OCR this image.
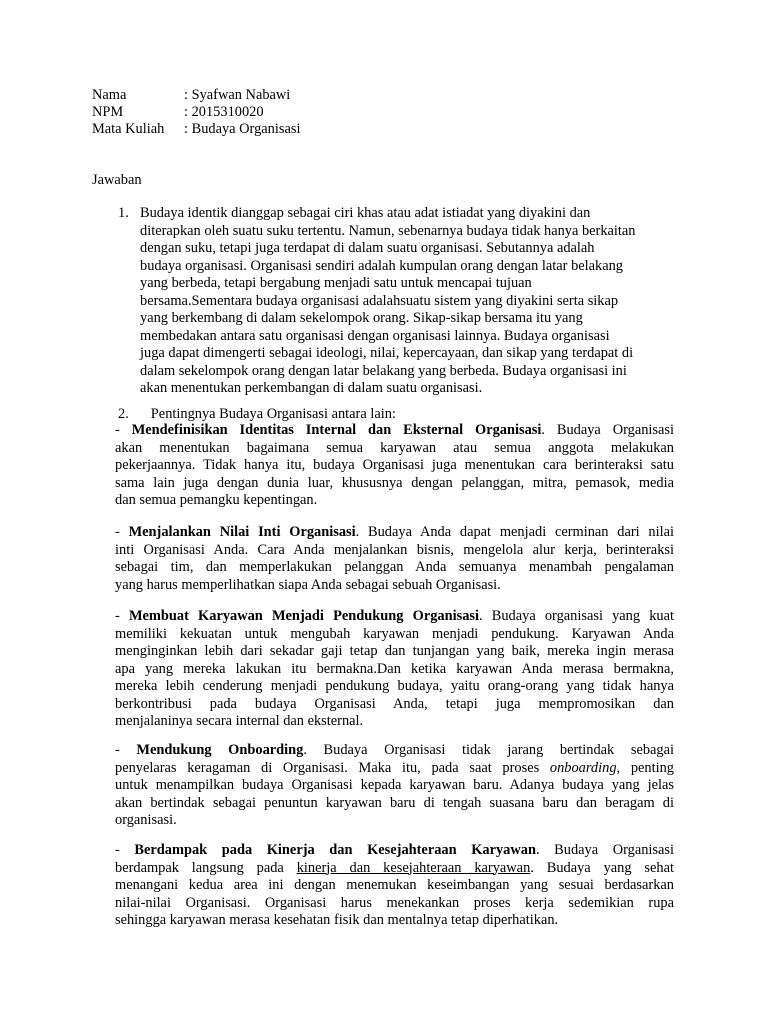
Nama	: Syafwan Nabawi
NPM	: 2015310020
Mata Kuliah : Budaya Organisasi
Jawaban
1. Budaya identik dianggap sebagai ciri khas atau adat istiadat yang diyakini dan
diterapkan oleh suatu suku tertentu. Namun, sebenarnya budaya tidak hanya berkaitan
dengan suku, tetapi juga terdapat di dalam suatu organisasi. Sebutannya adalah
budaya organisasi. Organisasi sendiri adalah kumpulan orang dengan latar belakang
yang berbeda, tetapi bergabung menjadi satu untuk mencapai tujuan
bersama.Sementara budaya organisasi adalahsuatu sistem yang diyakini serta sikap
yang berkembang di dalam sekelompok orang. Sikap-sikap bersama itu yang
membedakan antara satu organisasi dengan organisasi lainnya. Budaya organisasi
juga dapat dimengerti sebagai ideologi, nilai, kepercayaan, dan sikap yang terdapat di
dalam sekelompok orang dengan latar belakang yang berbeda. Budaya organisasi ini
akan menentukan perkembangan di dalam suatu organisasi.
2. Pentingnya Budaya Organisasi antara lain:
- Mendefinisikan Identitas Internal dan Eksternal Organisasi. Budaya Organisasi
akan menentukan bagaimana semua karyawan atau semua anggota melakukan
pekerjaannya. Tidak hanya itu, budaya Organisasi juga menentukan cara berinteraksi satu
sama lain juga dengan dunia luar, khususnya dengan pelanggan, mitra, pemasok, media
dan semua pemangku kepentingan.
- Menjalankan Nilai Inti Organisasi. Budaya Anda dapat menjadi cerminan dari nilai
inti Organisasi Anda. Cara Anda menjalankan bisnis, mengelola alur kerja, berinteraksi
sebagai tim, dan memperlakukan pelanggan Anda semuanya menambah pengalaman
yang harus memperlihatkan siapa Anda sebagai sebuah Organisasi.
- Membuat Karyawan Menjadi Pendukung Organisasi. Budaya organisasi yang kuat
memiliki kekuatan untuk mengubah karyawan menjadi pendukung. Karyawan Anda
menginginkan lebih dari sekadar gaji tetap dan tunjangan yang baik, mereka ingin merasa
apa yang mereka lakukan itu bermakna.Dan ketika karyawan Anda merasa bermakna,
mereka lebih cenderung menjadi pendukung budaya, yaitu orang-orang yang tidak hanya
berkontribusi pada budaya Organisasi Anda, tetapi juga mempromosikan dan
menjalaninya secara internal dan eksternal.
- Mendukung Onboarding. Budaya Organisasi tidak jarang bertindak sebagai
penyelaras keragaman di Organisasi. Maka itu, pada saat proses onboarding, penting
untuk menampilkan budaya Organisasi kepada karyawan baru. Adanya budaya yang jelas
akan bertindak sebagai penuntun karyawan baru di tengah suasana baru dan beragam di
organisasi.
- Berdampak pada Kinerja dan Kesejahteraan Karyawan. Budaya Organisasi
berdampak langsung pada kinerja dan kesejahteraan karyawan. Budaya yang sehat
menangani kedua area ini dengan menemukan keseimbangan yang sesuai berdasarkan
nilai-nilai Organisasi. Organisasi harus menekankan proses kerja sedemikian rupa
sehingga karyawan merasa kesehatan fisik dan mentalnya tetap diperhatikan.
